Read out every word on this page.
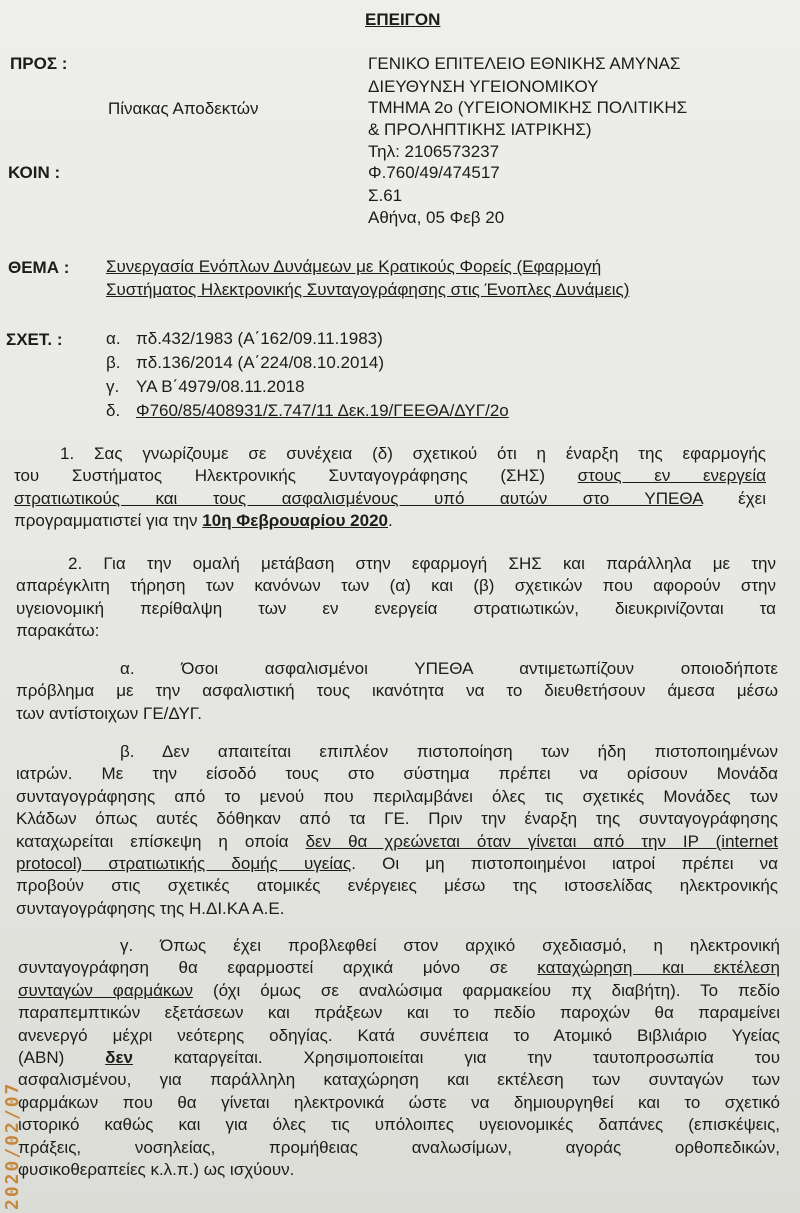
ΕΠΕΙΓΟΝ
ΠΡΟΣ :
Πίνακας Αποδεκτών
ΚΟΙΝ :
ΓΕΝΙΚΟ ΕΠΙΤΕΛΕΙΟ ΕΘΝΙΚΗΣ ΑΜΥΝΑΣ
ΔΙΕΥΘΥΝΣΗ ΥΓΕΙΟΝΟΜΙΚΟΥ
ΤΜΗΜΑ 2ο (ΥΓΕΙΟΝΟΜΙΚΗΣ ΠΟΛΙΤΙΚΗΣ
& ΠΡΟΛΗΠΤΙΚΗΣ ΙΑΤΡΙΚΗΣ)
Τηλ: 2106573237
Φ.760/49/474517
Σ.61
Αθήνα, 05 Φεβ 20
ΘΕΜΑ : Συνεργασία Ενόπλων Δυνάμεων με Κρατικούς Φορείς (Εφαρμογή
Συστήματος Ηλεκτρονικής Συνταγογράφησης στις Ένοπλες Δυνάμεις)
ΣΧΕΤ. :	α. πδ.432/1983 (Α΄162/09.11.1983)
β. πδ.136/2014 (Α΄224/08.10.2014)
γ. ΥΑ Β΄4979/08.11.2018
δ. Φ760/85/408931/Σ.747/11 Δεκ.19/ΓΕΕΘΑ/ΔΥΓ/2ο
1. Σας γνωρίζουμε σε συνέχεια (δ) σχετικού ότι η έναρξη της εφαρμογής
του Συστήματος Ηλεκτρονικής Συνταγογράφησης (ΣΗΣ) στους εν ενεργεία
στρατιωτικούς και τους ασφαλισμένους υπό αυτών στο ΥΠΕΘΑ έχει
προγραμματιστεί για την 10η Φεβρουαρίου 2020.
2. Για την ομαλή μετάβαση στην εφαρμογή ΣΗΣ και παράλληλα με την
απαρέγκλιτη τήρηση των κανόνων των (α) και (β) σχετικών που αφορούν στην
υγειονομική περίθαλψη των εν ενεργεία στρατιωτικών, διευκρινίζονται τα
παρακάτω:
α. Όσοι ασφαλισμένοι ΥΠΕΘΑ αντιμετωπίζουν οποιοδήποτε
πρόβλημα με την ασφαλιστική τους ικανότητα να το διευθετήσουν άμεσα μέσω
των αντίστοιχων ΓΕ/ΔΥΓ.
β. Δεν απαιτείται επιπλέον πιστοποίηση των ήδη πιστοποιημένων
ιατρών. Με την είσοδό τους στο σύστημα πρέπει να ορίσουν Μονάδα
συνταγογράφησης από το μενού που περιλαμβάνει όλες τις σχετικές Μονάδες των
Κλάδων όπως αυτές δόθηκαν από τα ΓΕ. Πριν την έναρξη της συνταγογράφησης
καταχωρείται επίσκεψη η οποία δεν θα χρεώνεται όταν γίνεται από την IP (internet
protocol) στρατιωτικής δομής υγείας. Οι μη πιστοποιημένοι ιατροί πρέπει να
προβούν στις σχετικές ατομικές ενέργειες μέσω της ιστοσελίδας ηλεκτρονικής
συνταγογράφησης της Η.ΔΙ.ΚΑ Α.Ε.
γ. Όπως έχει προβλεφθεί στον αρχικό σχεδιασμό, η ηλεκτρονική
συνταγογράφηση θα εφαρμοστεί αρχικά μόνο σε καταχώρηση και εκτέλεση
συνταγών φαρμάκων (όχι όμως σε αναλώσιμα φαρμακείου πχ διαβήτη). Το πεδίο
παραπεμπτικών εξετάσεων και πράξεων και το πεδίο παροχών θα παραμείνει
ανενεργό μέχρι νεότερης οδηγίας. Κατά συνέπεια το Ατομικό Βιβλιάριο Υγείας
(ΑΒΝ) δεν καταργείται. Χρησιμοποιείται για την ταυτοπροσωπία του
ασφαλισμένου, για παράλληλη καταχώρηση και εκτέλεση των συνταγών των
φαρμάκων που θα γίνεται ηλεκτρονικά ώστε να δημιουργηθεί και το σχετικό
ιστορικό καθώς και για όλες τις υπόλοιπες υγειονομικές δαπάνες (επισκέψεις,
πράξεις, νοσηλείας, προμήθειας αναλωσίμων, αγοράς ορθοπεδικών,
φυσικοθεραπείες κ.λ.π.) ως ισχύουν.
2020/02/07
